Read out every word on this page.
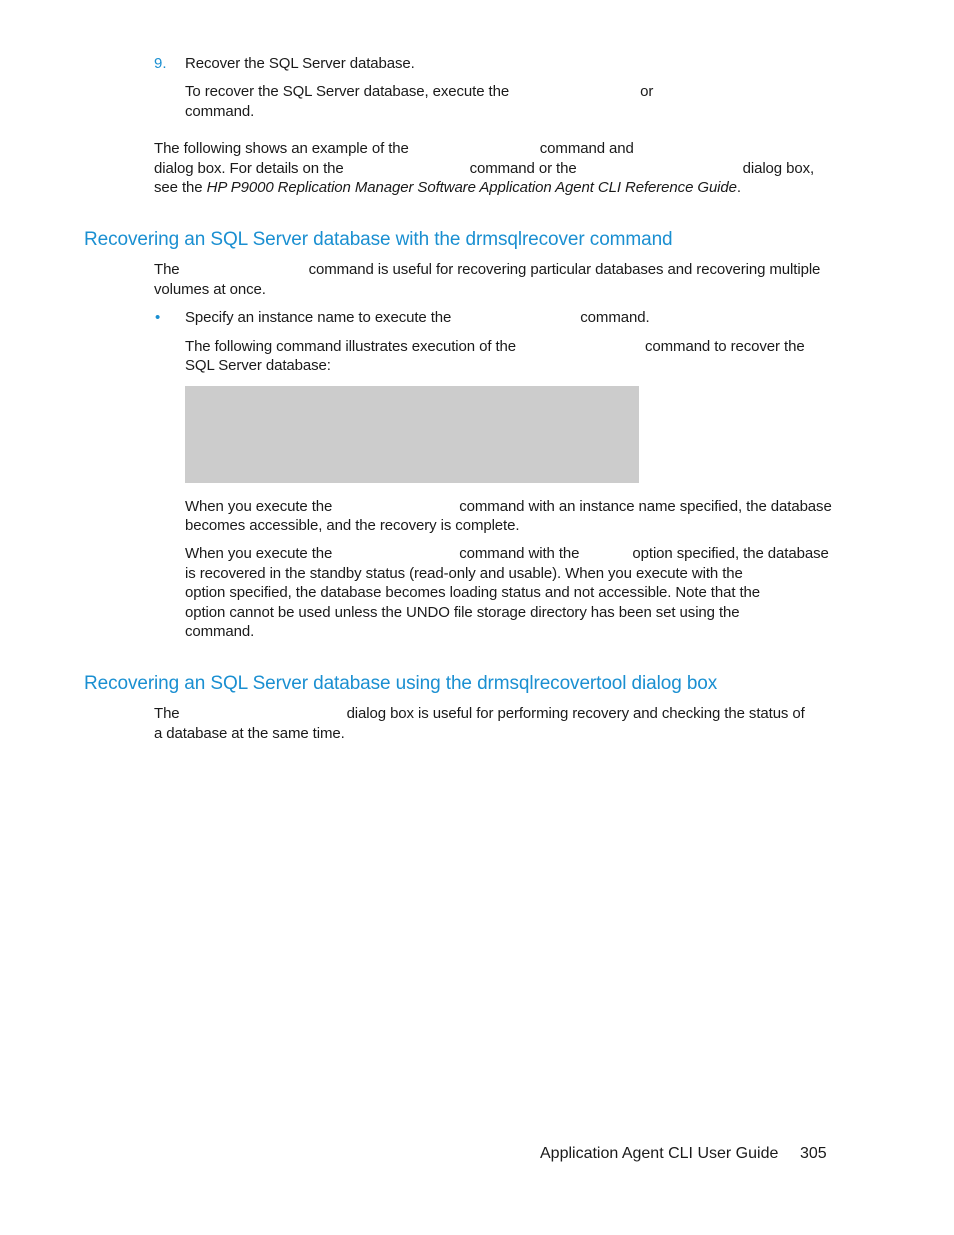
9. Recover the SQL Server database.
To recover the SQL Server database, execute the	or
command.
The following shows an example of the	command and
dialog box. For details on the	command or the	dialog box,
see the HP P9000 Replication Manager Software Application Agent CLI Reference Guide.
Recovering an SQL Server database with the drmsqlrecover command
The	command is useful for recovering particular databases and recovering multiple
volumes at once.
• Specify an instance name to execute the	command.
The following command illustrates execution of the	command to recover the
SQL Server database:
When you execute the	command with an instance name specified, the database
becomes accessible, and the recovery is complete.
When you execute the	command with the	option specified, the database
is recovered in the standby status (read-only and usable). When you execute with the
option specified, the database becomes loading status and not accessible. Note that the
option cannot be used unless the UNDO file storage directory has been set using the
command.
Recovering an SQL Server database using the drmsqlrecovertool dialog box
The	dialog box is useful for performing recovery and checking the status of
a database at the same time.
Application Agent CLI User Guide 305
